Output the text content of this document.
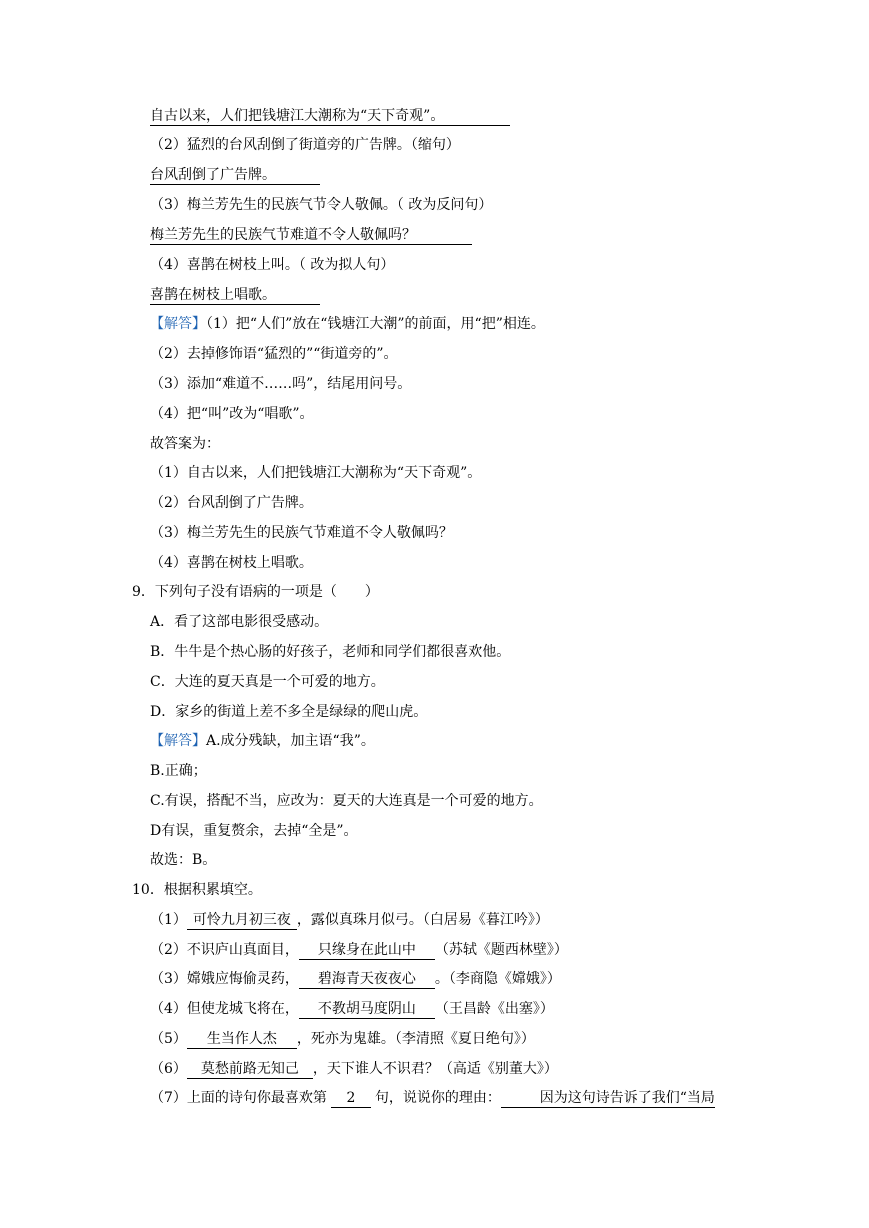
自古以来，人们把钱塘江大潮称为“天下奇观”。
（2）猛烈的台风刮倒了街道旁的广告牌。（缩句）
台风刮倒了广告牌。
（3）梅兰芳先生的民族气节令人敬佩。（ 改为反问句）
梅兰芳先生的民族气节难道不令人敬佩吗？
（4）喜鹊在树枝上叫。（ 改为拟人句）
喜鹊在树枝上唱歌。
【解答】（1）把“人们”放在“钱塘江大潮”的前面，用“把”相连。
（2）去掉修饰语“猛烈的”“街道旁的”。
（3）添加“难道不……吗”，结尾用问号。
（4）把“叫”改为“唱歌”。
故答案为：
（1）自古以来，人们把钱塘江大潮称为“天下奇观”。
（2）台风刮倒了广告牌。
（3）梅兰芳先生的民族气节难道不令人敬佩吗？
（4）喜鹊在树枝上唱歌。
9．下列句子没有语病的一项是（　　）
A．看了这部电影很受感动。
B．牛牛是个热心肠的好孩子，老师和同学们都很喜欢他。
C．大连的夏天真是一个可爱的地方。
D．家乡的街道上差不多全是绿绿的爬山虎。
【解答】A.成分残缺，加主语“我”。
B.正确；
C.有误，搭配不当，应改为：夏天的大连真是一个可爱的地方。
D有误，重复赘余，去掉“全是”。
故选：B。
10．根据积累填空。
（1） 可怜九月初三夜 ，露似真珠月似弓。（白居易《暮江吟》）
（2）不识庐山真面目， 只缘身在此山中 （苏轼《题西林壁》）
（3）嫦娥应悔偷灵药， 碧海青天夜夜心 。（李商隐《嫦娥》）
（4）但使龙城飞将在， 不教胡马度阴山 （王昌龄《出塞》）
（5） 生当作人杰 ，死亦为鬼雄。（李清照《夏日绝句》）
（6） 莫愁前路无知己 ，天下谁人不识君？（高适《别董大》）
（7）上面的诗句你最喜欢第 2 句，说说你的理由：	因为这句诗告诉了我们“当局
